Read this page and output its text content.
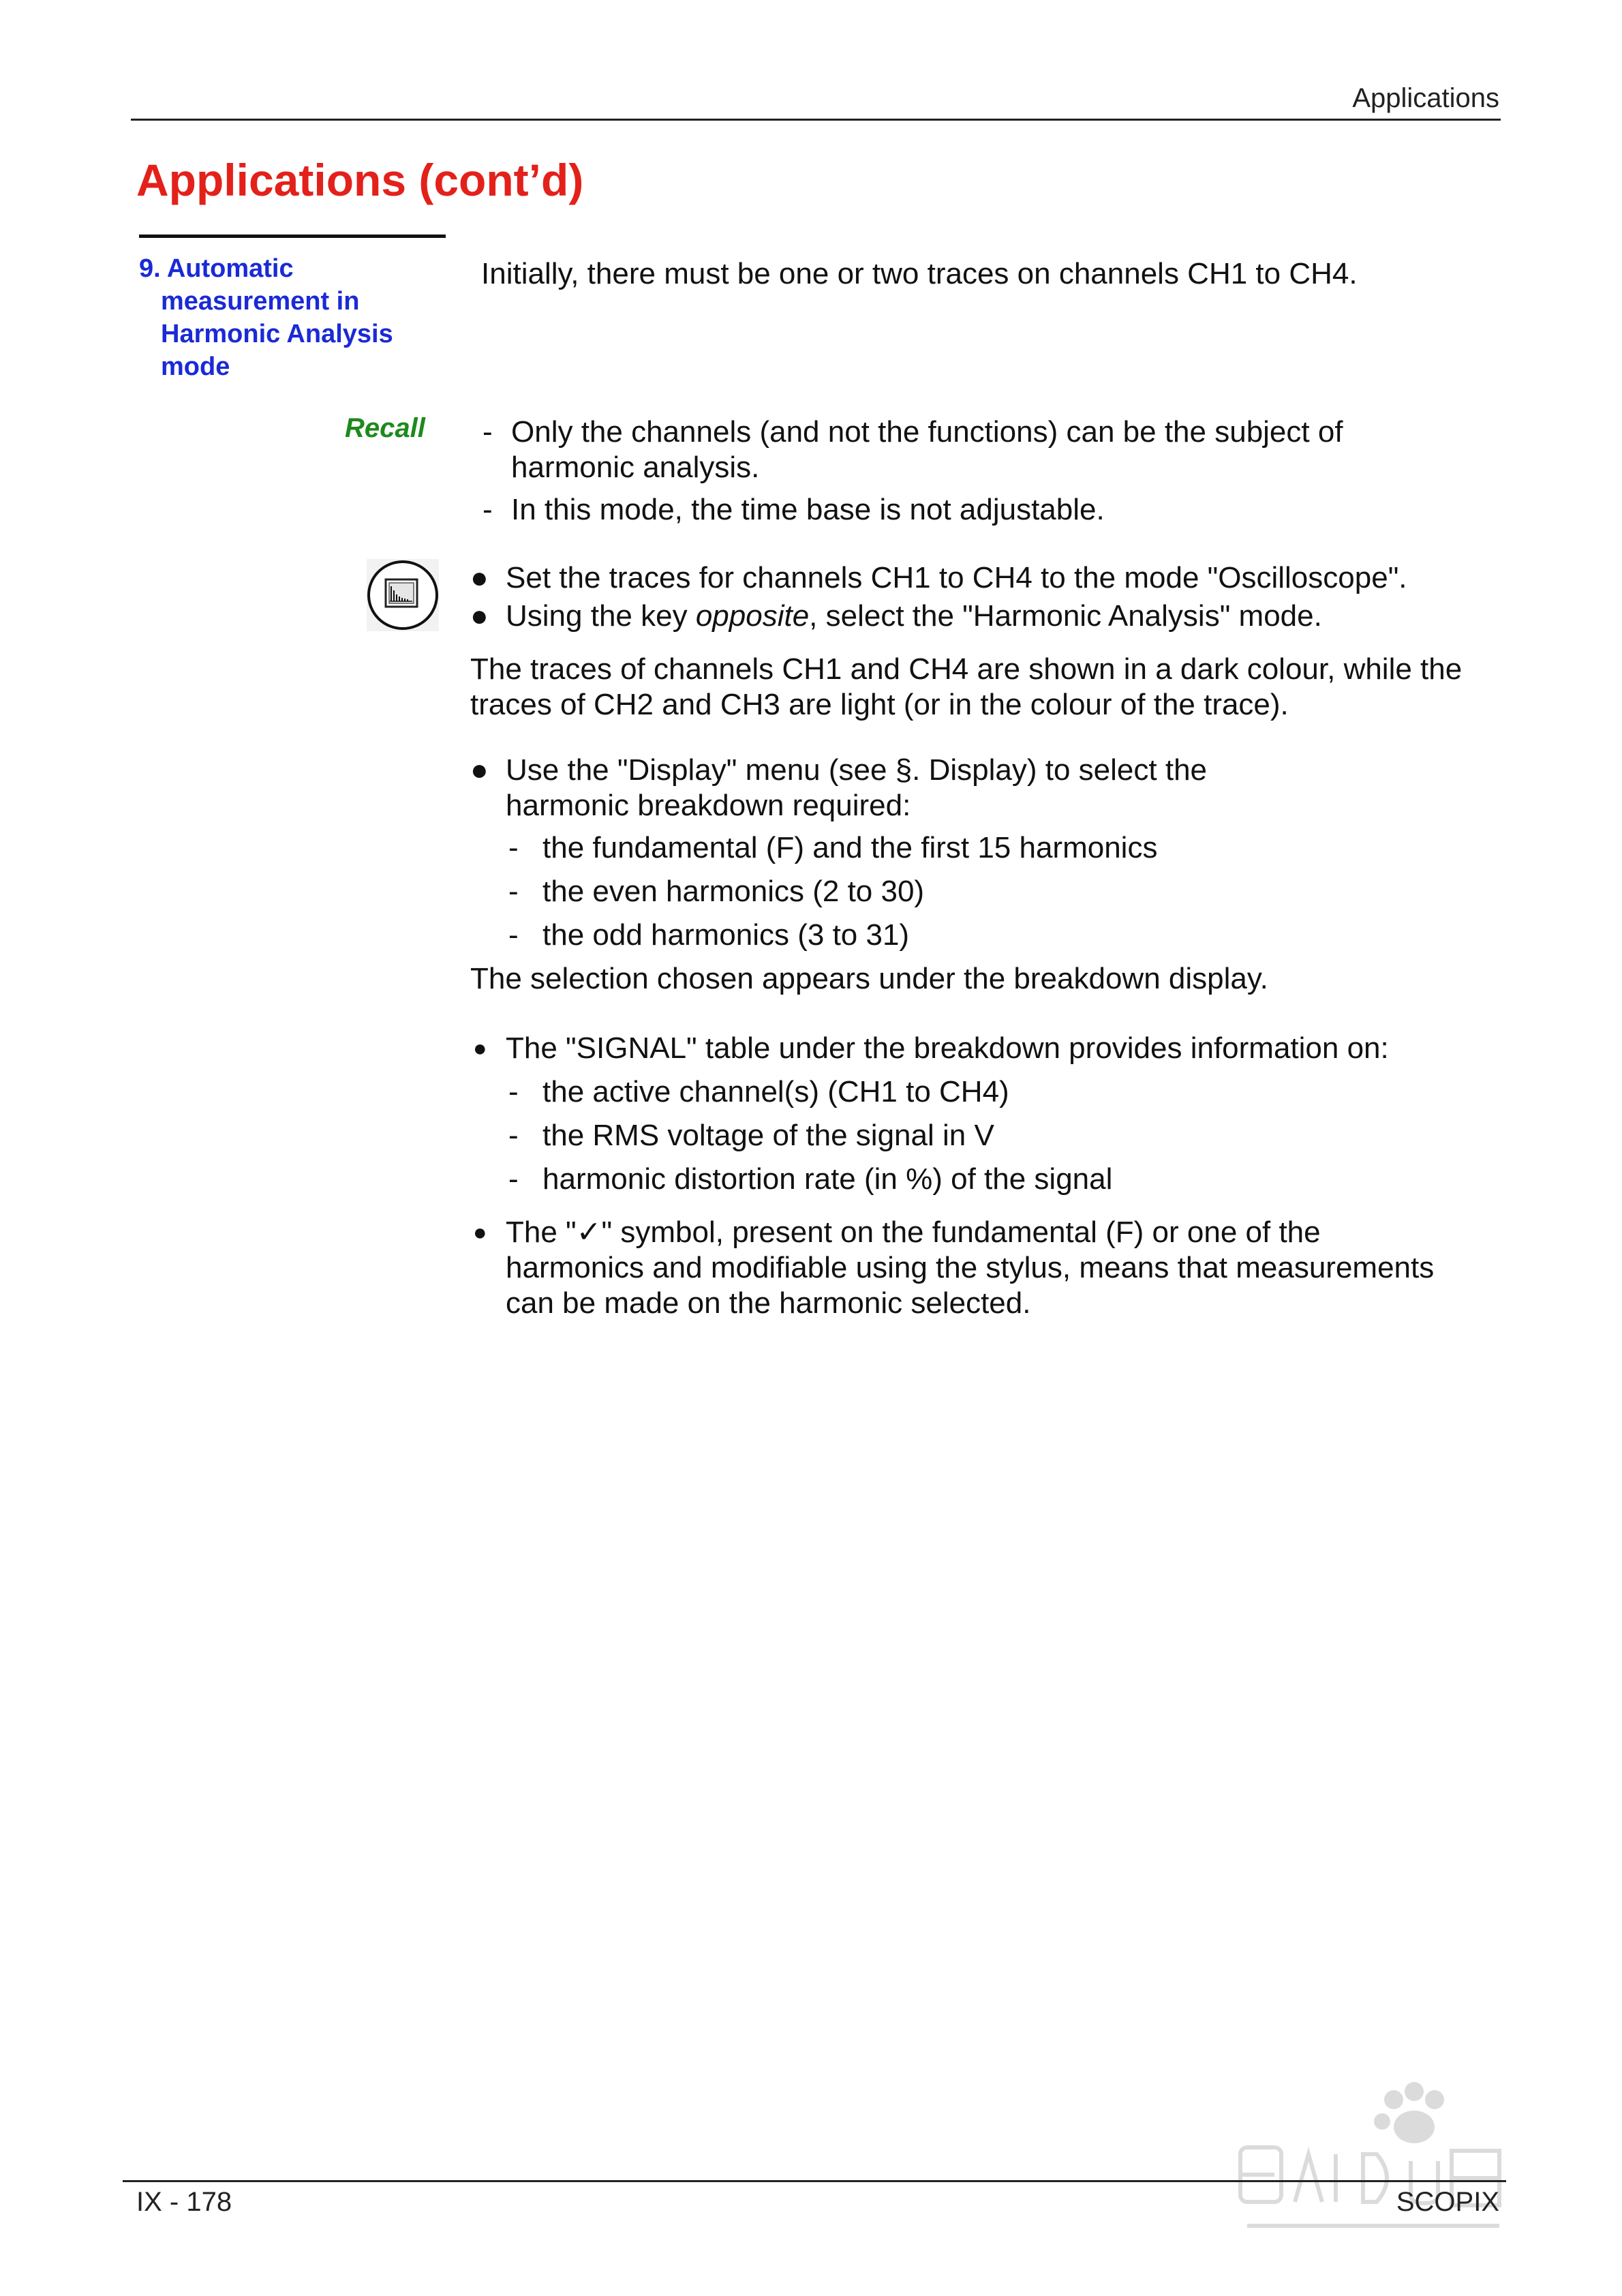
Applications
Applications (cont’d)
9. Automatic
measurement in
Harmonic Analysis
mode
Recall
Initially, there must be one or two traces on channels CH1 to CH4.
- Only the channels (and not the functions) can be the subject of
harmonic analysis.
- In this mode, the time base is not adjustable.
● Set the traces for channels CH1 to CH4 to the mode "Oscilloscope".
● Using the key opposite, select the "Harmonic Analysis" mode.
The traces of channels CH1 and CH4 are shown in a dark colour, while the
traces of CH2 and CH3 are light (or in the colour of the trace).
● Use the "Display" menu (see §. Display) to select the
harmonic breakdown required:
- the fundamental (F) and the first 15 harmonics
- the even harmonics (2 to 30)
- the odd harmonics (3 to 31)
The selection chosen appears under the breakdown display.
● The "SIGNAL" table under the breakdown provides information on:
- the active channel(s) (CH1 to CH4)
- the RMS voltage of the signal in V
- harmonic distortion rate (in %) of the signal
● The "✓" symbol, present on the fundamental (F) or one of the
harmonics and modifiable using the stylus, means that measurements
can be made on the harmonic selected.
IX - 178	SCOPIX
